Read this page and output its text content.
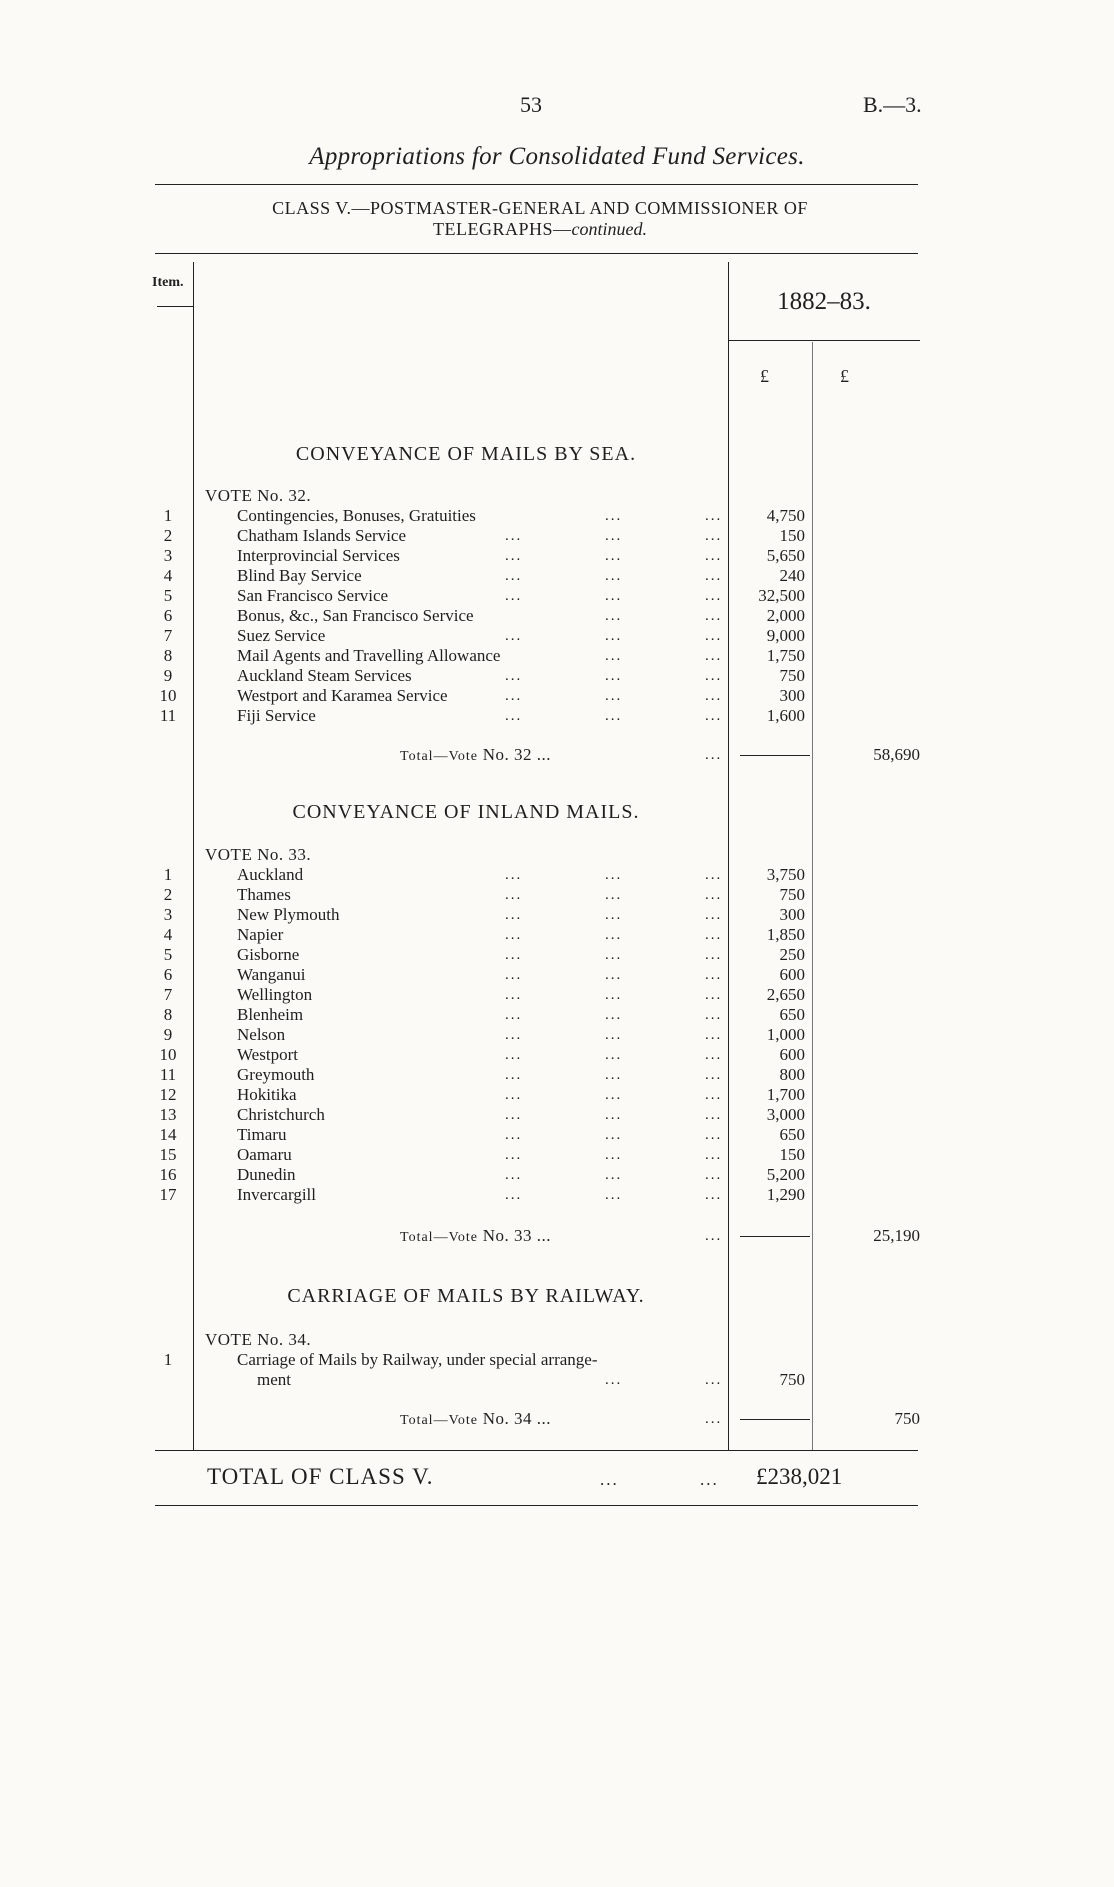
53	B.—3.
Appropriations for Consolidated Fund Services.
CLASS V.—POSTMASTER-GENERAL AND COMMISSIONER OF
TELEGRAPHS—continued.
Item.
1882–83.
£	£
CONVEYANCE OF MAILS BY SEA.
VOTE No. 32.
1	Contingencies, Bonuses, Gratuities	...	...	4,750
2	Chatham Islands Service	...	...	...	150
3	Interprovincial Services	...	...	...	5,650
4	Blind Bay Service	...	...	...	240
5	San Francisco Service	...	...	...	32,500
6	Bonus, &c., San Francisco Service	...	...	2,000
7	Suez Service	...	...	...	9,000
8	Mail Agents and Travelling Allowance	...	...	1,750
9	Auckland Steam Services	...	...	...	750
10	Westport and Karamea Service	...	...	...	300
11	Fiji Service	...	...	...	1,600
Total—Vote No. 32 ...	...	58,690
CONVEYANCE OF INLAND MAILS.
VOTE No. 33.
1	Auckland	...	...	...	3,750
2	Thames	...	...	...	750
3	New Plymouth	...	...	...	300
4	Napier	...	...	...	1,850
5	Gisborne	...	...	...	250
6	Wanganui	...	...	...	600
7	Wellington	...	...	...	2,650
8	Blenheim	...	...	...	650
9	Nelson	...	...	...	1,000
10	Westport	...	...	...	600
11	Greymouth	...	...	...	800
12	Hokitika	...	...	...	1,700
13	Christchurch	...	...	...	3,000
14	Timaru	...	...	...	650
15	Oamaru	...	...	...	150
16	Dunedin	...	...	...	5,200
17	Invercargill	...	...	...	1,290
Total—Vote No. 33 ...	...	25,190
CARRIAGE OF MAILS BY RAILWAY.
VOTE No. 34.
1	Carriage of Mails by Railway, under special arrange-
ment	...	...	750
Total—Vote No. 34 ...	...	750
TOTAL OF CLASS V.	...	... £238,021
